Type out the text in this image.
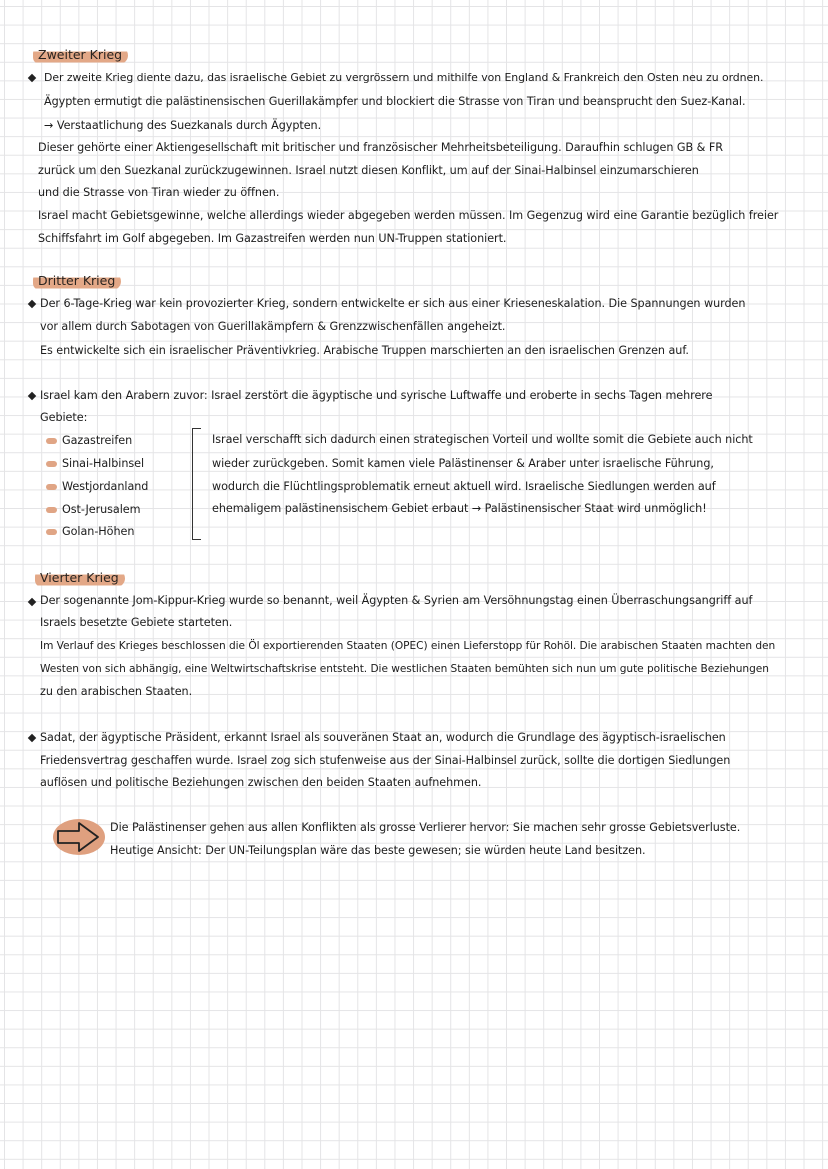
Zweiter Krieg
Der zweite Krieg diente dazu, das israelische Gebiet zu vergrössern und mithilfe von England & Frankreich den Osten neu zu ordnen.
Ägypten ermutigt die palästinensischen Guerillakämpfer und blockiert die Strasse von Tiran und beansprucht den Suez-Kanal.
→ Verstaatlichung des Suezkanals durch Ägypten.
Dieser gehörte einer Aktiengesellschaft mit britischer und französischer Mehrheitsbeteiligung. Daraufhin schlugen GB & FR
zurück um den Suezkanal zurückzugewinnen. Israel nutzt diesen Konflikt, um auf der Sinai-Halbinsel einzumarschieren
und die Strasse von Tiran wieder zu öffnen.
Israel macht Gebietsgewinne, welche allerdings wieder abgegeben werden müssen. Im Gegenzug wird eine Garantie bezüglich freier
Schiffsfahrt im Golf abgegeben. Im Gazastreifen werden nun UN-Truppen stationiert.
Dritter Krieg
Der 6-Tage-Krieg war kein provozierter Krieg, sondern entwickelte er sich aus einer Krieseneskalation. Die Spannungen wurden
vor allem durch Sabotagen von Guerillakämpfern & Grenzzwischenfällen angeheizt.
Es entwickelte sich ein israelischer Präventivkrieg. Arabische Truppen marschierten an den israelischen Grenzen auf.
Israel kam den Arabern zuvor: Israel zerstört die ägyptische und syrische Luftwaffe und eroberte in sechs Tagen mehrere
Gebiete:
Gazastreifen
Sinai-Halbinsel
Westjordanland
Ost-Jerusalem
Golan-Höhen
Israel verschafft sich dadurch einen strategischen Vorteil und wollte somit die Gebiete auch nicht
wieder zurückgeben. Somit kamen viele Palästinenser & Araber unter israelische Führung,
wodurch die Flüchtlingsproblematik erneut aktuell wird. Israelische Siedlungen werden auf
ehemaligem palästinensischem Gebiet erbaut → Palästinensischer Staat wird unmöglich!
Vierter Krieg
Der sogenannte Jom-Kippur-Krieg wurde so benannt, weil Ägypten & Syrien am Versöhnungstag einen Überraschungsangriff auf
Israels besetzte Gebiete starteten.
Im Verlauf des Krieges beschlossen die Öl exportierenden Staaten (OPEC) einen Lieferstopp für Rohöl. Die arabischen Staaten machten den
Westen von sich abhängig, eine Weltwirtschaftskrise entsteht. Die westlichen Staaten bemühten sich nun um gute politische Beziehungen
zu den arabischen Staaten.
Sadat, der ägyptische Präsident, erkannt Israel als souveränen Staat an, wodurch die Grundlage des ägyptisch-israelischen
Friedensvertrag geschaffen wurde. Israel zog sich stufenweise aus der Sinai-Halbinsel zurück, sollte die dortigen Siedlungen
auflösen und politische Beziehungen zwischen den beiden Staaten aufnehmen.
Die Palästinenser gehen aus allen Konflikten als grosse Verlierer hervor: Sie machen sehr grosse Gebietsverluste.
Heutige Ansicht: Der UN-Teilungsplan wäre das beste gewesen; sie würden heute Land besitzen.
